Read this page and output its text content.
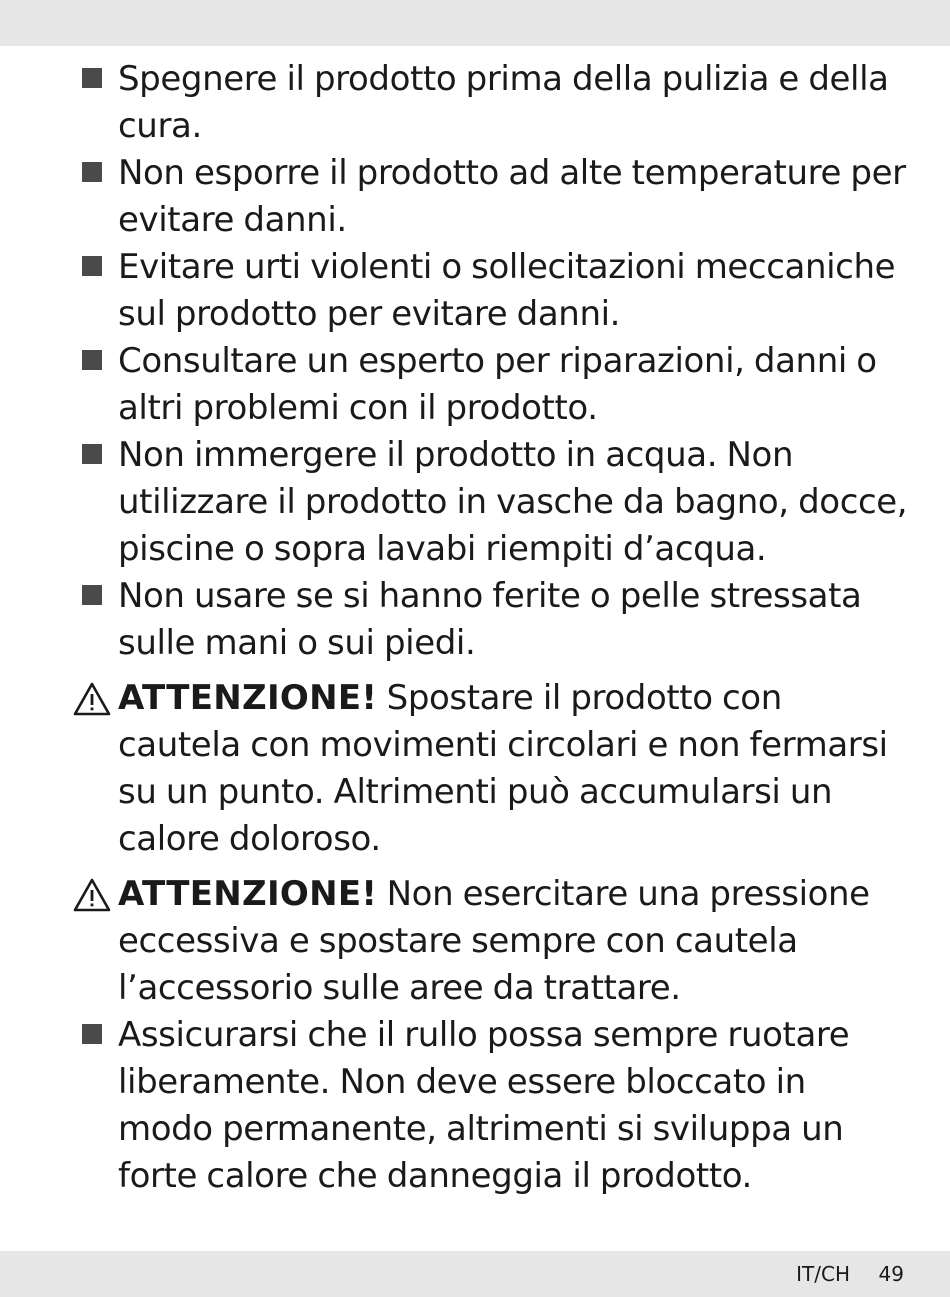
Spegnere il prodotto prima della pulizia e della cura.
Non esporre il prodotto ad alte temperature per evitare danni.
Evitare urti violenti o sollecitazioni meccaniche sul prodotto per evitare danni.
Consultare un esperto per riparazioni, danni o altri problemi con il prodotto.
Non immergere il prodotto in acqua. Non utilizzare il prodotto in vasche da bagno, docce, piscine o sopra lavabi riempiti d’acqua.
Non usare se si hanno ferite o pelle stressata sulle mani o sui piedi.
ATTENZIONE! Spostare il prodotto con cautela con movimenti circolari e non fermarsi su un punto. Altrimenti può accumularsi un calore doloroso.
ATTENZIONE! Non esercitare una pressione eccessiva e spostare sempre con cautela l’accessorio sulle aree da trattare.
Assicurarsi che il rullo possa sempre ruotare liberamente. Non deve essere bloccato in modo permanente, altrimenti si sviluppa un forte calore che danneggia il prodotto.
IT/CH 49
